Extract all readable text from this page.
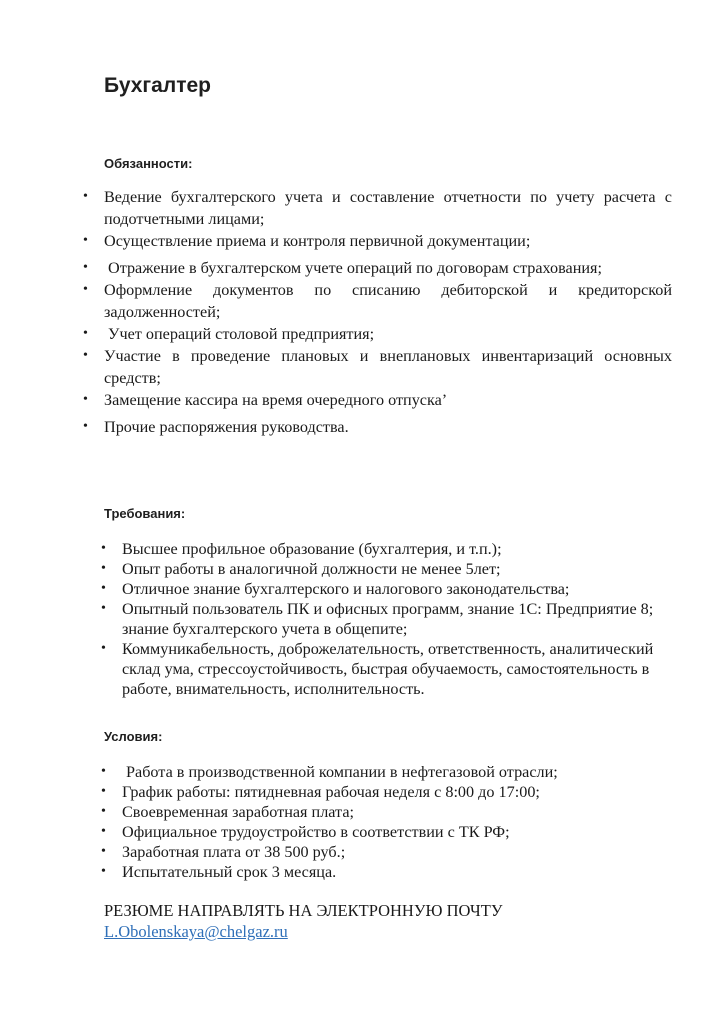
Бухгалтер

Обязанности:

• Ведение бухгалтерского учета и составление отчетности по учету расчета с подотчетными лицами;
• Осуществление приема и контроля первичной документации;
• Отражение в бухгалтерском учете операций по договорам страхования;
• Оформление документов по списанию дебиторской и кредиторской задолженностей;
• Учет операций столовой предприятия;
• Участие в проведение плановых и внеплановых инвентаризаций основных средств;
• Замещение кассира на время очередного отпуска’
• Прочие распоряжения руководства.

Требования:

• Высшее профильное образование (бухгалтерия, и т.п.);
• Опыт работы в аналогичной должности не менее 5лет;
• Отличное знание бухгалтерского и налогового законодательства;
• Опытный пользователь ПК и офисных программ, знание 1С: Предприятие 8; знание бухгалтерского учета в общепите;
• Коммуникабельность, доброжелательность, ответственность, аналитический склад ума, стрессоустойчивость, быстрая обучаемость, самостоятельность в работе, внимательность, исполнительность.

Условия:

• Работа в производственной компании в нефтегазовой отрасли;
• График работы: пятидневная рабочая неделя с 8:00 до 17:00;
• Своевременная заработная плата;
• Официальное трудоустройство в соответствии с ТК РФ;
• Заработная плата от 38 500 руб.;
• Испытательный срок 3 месяца.
РЕЗЮМЕ НАПРАВЛЯТЬ НА ЭЛЕКТРОННУЮ ПОЧТУ
L.Obolenskaya@chelgaz.ru
